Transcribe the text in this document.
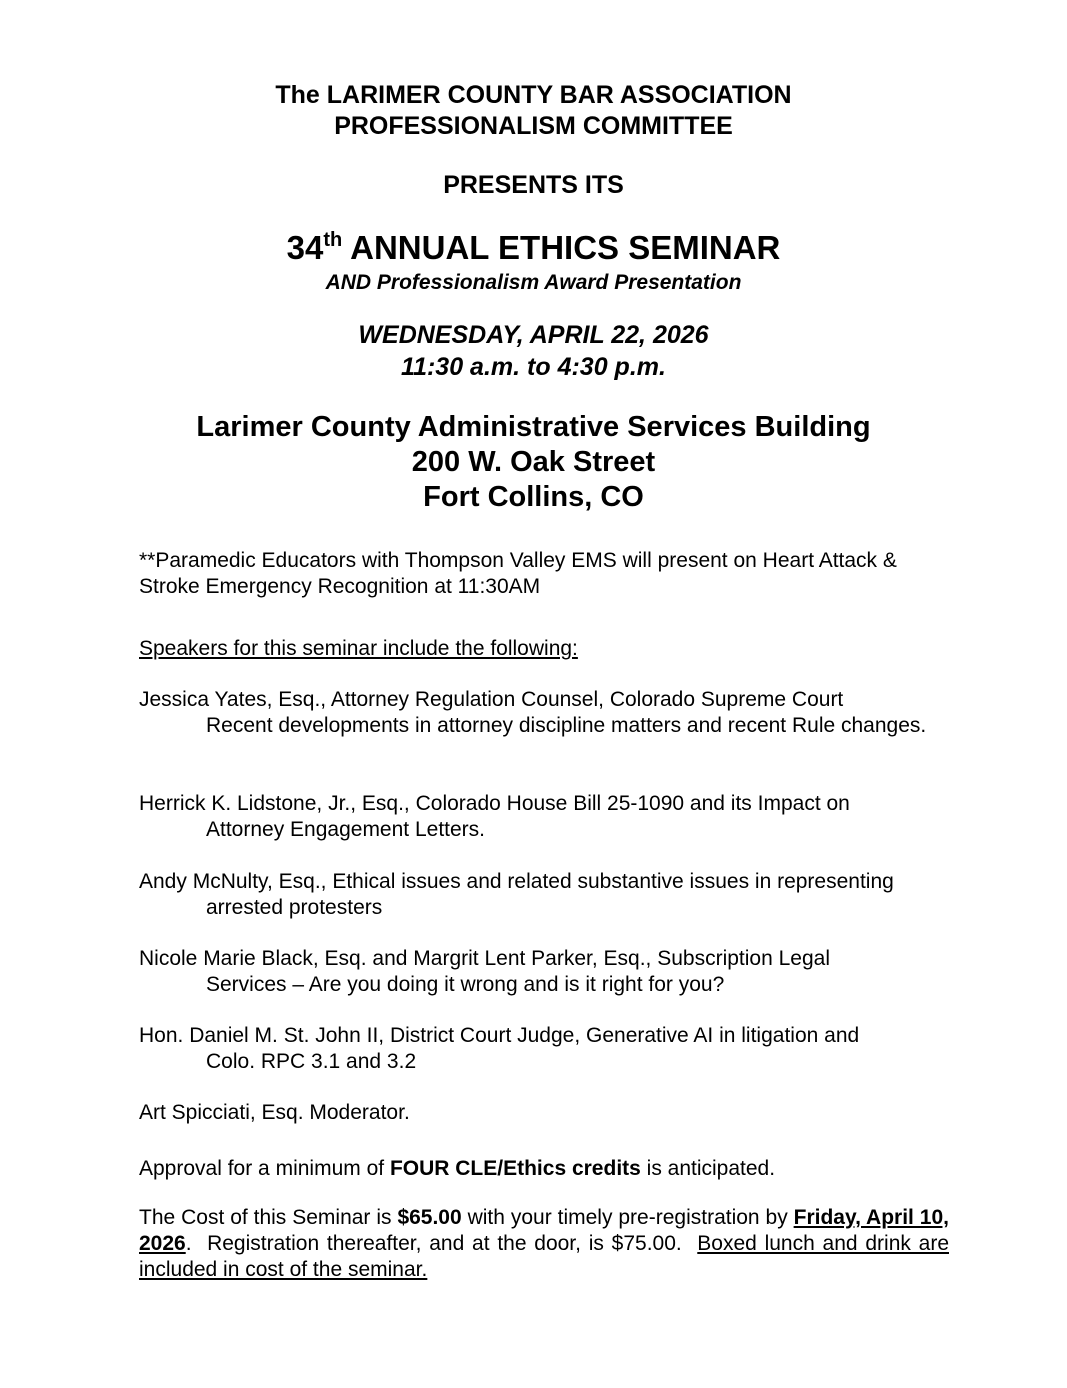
The LARIMER COUNTY BAR ASSOCIATION
PROFESSIONALISM COMMITTEE
PRESENTS ITS
34th ANNUAL ETHICS SEMINAR
AND Professionalism Award Presentation
WEDNESDAY, APRIL 22, 2026
11:30 a.m. to 4:30 p.m.
Larimer County Administrative Services Building
200 W. Oak Street
Fort Collins, CO
**Paramedic Educators with Thompson Valley EMS will present on Heart Attack & Stroke Emergency Recognition at 11:30AM
Speakers for this seminar include the following:
Jessica Yates, Esq., Attorney Regulation Counsel, Colorado Supreme Court
Recent developments in attorney discipline matters and recent Rule changes.
Herrick K. Lidstone, Jr., Esq., Colorado House Bill 25-1090 and its Impact on
Attorney Engagement Letters.
Andy McNulty, Esq., Ethical issues and related substantive issues in representing
arrested protesters
Nicole Marie Black, Esq. and Margrit Lent Parker, Esq., Subscription Legal
Services – Are you doing it wrong and is it right for you?
Hon. Daniel M. St. John II, District Court Judge, Generative AI in litigation and
Colo. RPC 3.1 and 3.2
Art Spicciati, Esq. Moderator.
Approval for a minimum of FOUR CLE/Ethics credits is anticipated.
The Cost of this Seminar is $65.00 with your timely pre-registration by Friday, April 10, 2026.  Registration thereafter, and at the door, is $75.00.  Boxed lunch and drink are included in cost of the seminar.
